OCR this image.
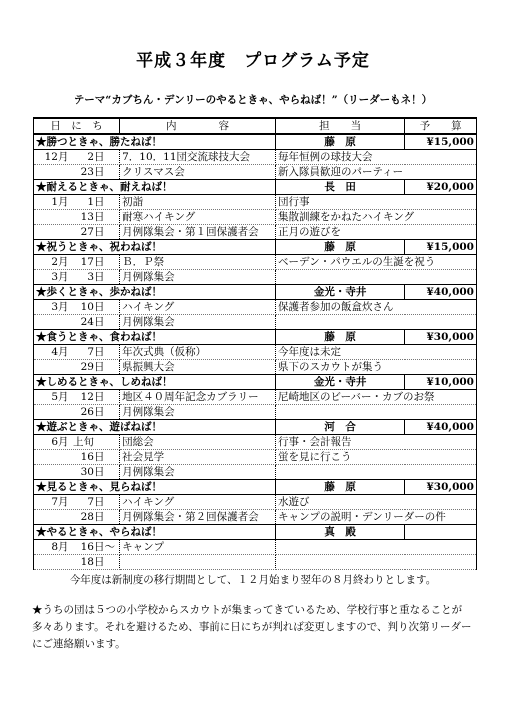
平成３年度　プログラム予定
テーマ“カブちん・デンリーのやるときゃ、やらねば！”（リーダーもネ！）
日　に　ち	内　　　　容	担　　当	予　　算
★勝つときゃ、勝たねば！		藤　原	¥15,000
12月 2日	7．10．11団交流球技大会	毎年恒例の球技大会	
23日	クリスマス会	新入隊員歓迎のパーティー	
★耐えるときゃ、耐えねば！		長　田	¥20,000
1月 1日	初詣	団行事	
13日	耐寒ハイキング	集散訓練をかねたハイキング	
27日	月例隊集会・第１回保護者会	正月の遊びを	
★祝うときゃ、祝わねば！		藤　原	¥15,000
2月 17日	Ｂ．Ｐ祭	ベーデン・パウエルの生誕を祝う	
3月 3日	月例隊集会		
★歩くときゃ、歩かねば！		金光・寺井	¥40,000
3月 10日	ハイキング	保護者参加の飯盒炊さん	
24日	月例隊集会		
★食うときゃ、食わねば！		藤　原	¥30,000
4月 7日	年次式典（仮称）	今年度は未定	
29日	県振興大会	県下のスカウトが集う	
★しめるときゃ、しめねば！		金光・寺井	¥10,000
5月 12日	地区４０周年記念カブラリー	尼崎地区のビーバー・カブのお祭	
26日	月例隊集会		
★遊ぶときゃ、遊ばねば！		河　合	¥40,000
6月 上旬	団総会	行事・会計報告	
16日	社会見学	蛍を見に行こう	
30日	月例隊集会		
★見るときゃ、見らねば！		藤　原	¥30,000
7月 7日	ハイキング	水遊び	
28日	月例隊集会・第２回保護者会	キャンプの説明・デンリーダーの件	
★やるときゃ、やらねば！		真　殿	
8月 16日～	キャンプ		
18日			
今年度は新制度の移行期間として、１２月始まり翌年の８月終わりとします。
★うちの団は５つの小学校からスカウトが集まってきているため、学校行事と重なることが多々あります。それを避けるため、事前に日にちが判れば変更しますので、判り次第リーダーにご連絡願います。
